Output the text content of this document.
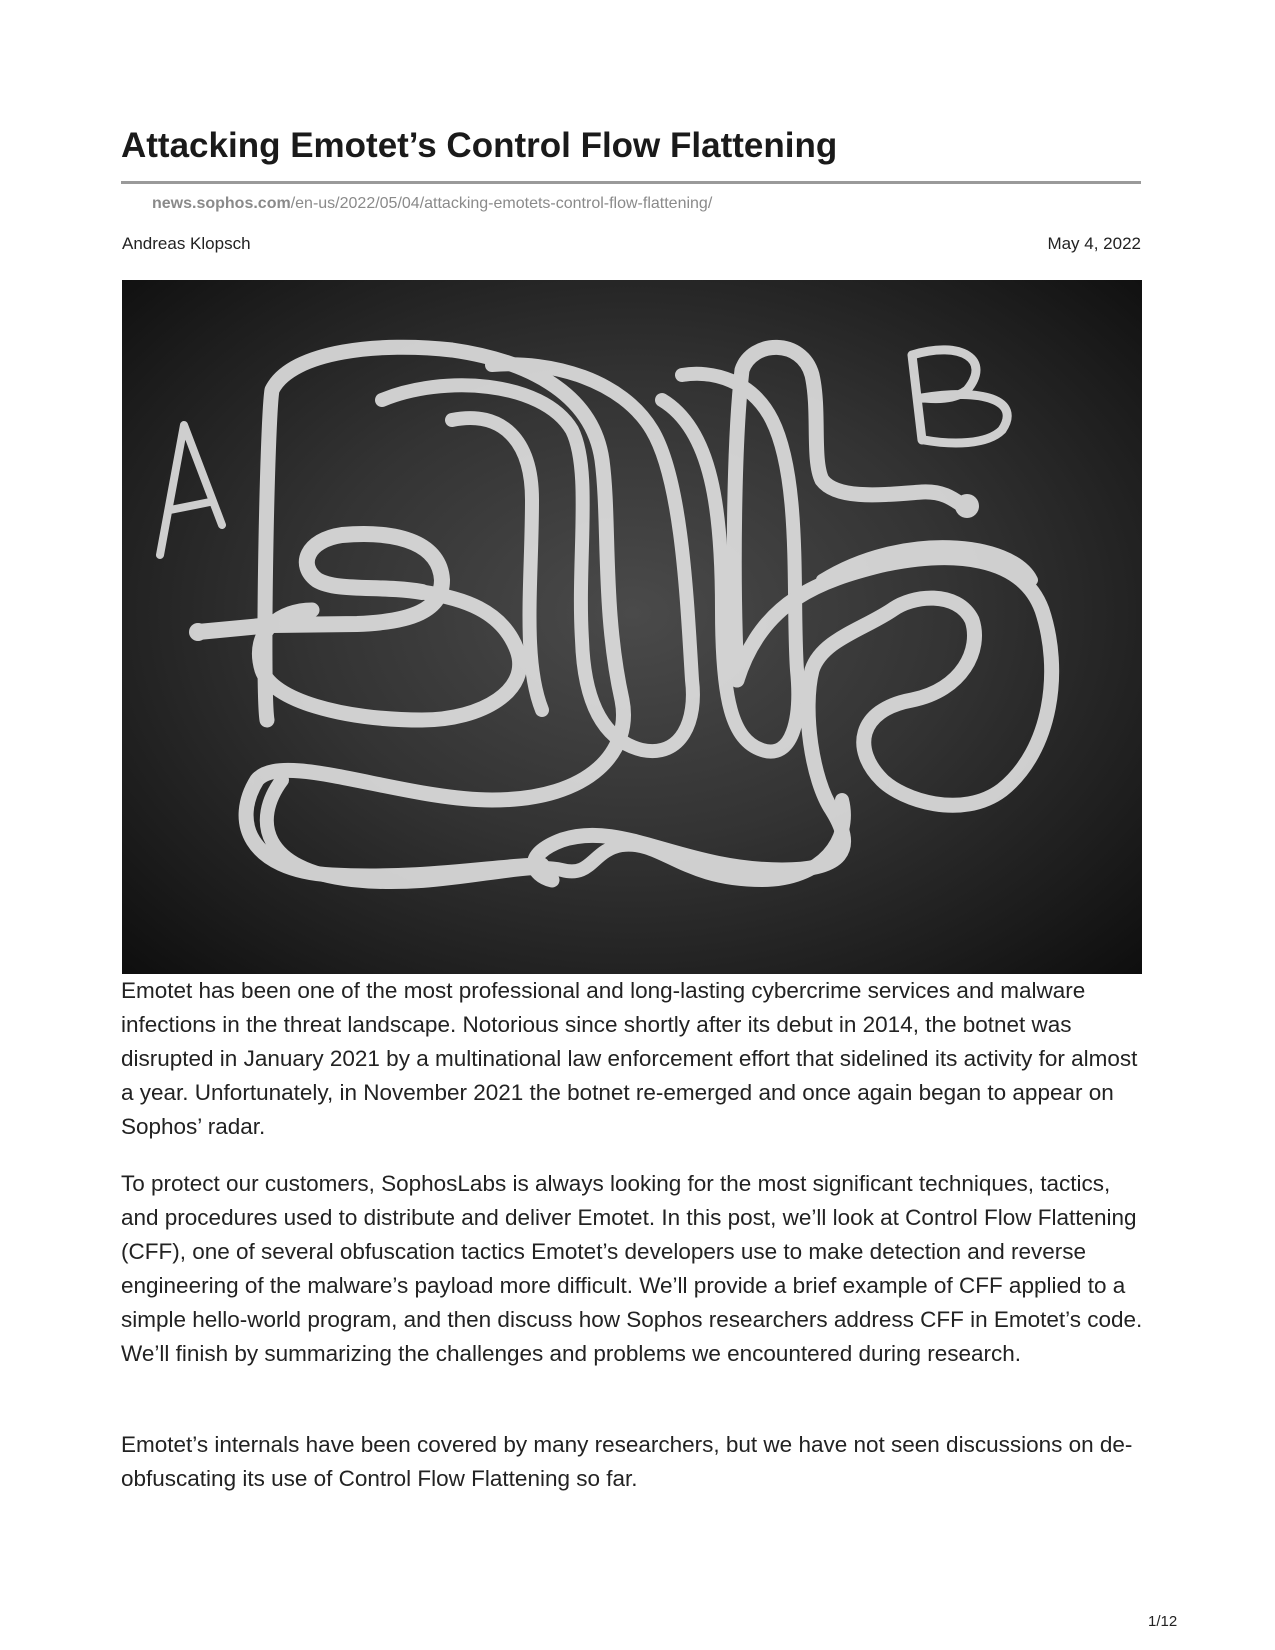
Attacking Emotet’s Control Flow Flattening
news.sophos.com/en-us/2022/05/04/attacking-emotets-control-flow-flattening/
Andreas Klopsch	May 4, 2022
A
B

Emotet has been one of the most professional and long-lasting cybercrime services and malware infections in the threat landscape. Notorious since shortly after its debut in 2014, the botnet was disrupted in January 2021 by a multinational law enforcement effort that sidelined its activity for almost a year. Unfortunately, in November 2021 the botnet re-emerged and once again began to appear on Sophos’ radar.

To protect our customers, SophosLabs is always looking for the most significant techniques, tactics, and procedures used to distribute and deliver Emotet. In this post, we’ll look at Control Flow Flattening (CFF), one of several obfuscation tactics Emotet’s developers use to make detection and reverse engineering of the malware’s payload more difficult. We’ll provide a brief example of CFF applied to a simple hello-world program, and then discuss how Sophos researchers address CFF in Emotet’s code. We’ll finish by summarizing the challenges and problems we encountered during research.

Emotet’s internals have been covered by many researchers, but we have not seen discussions on de-obfuscating its use of Control Flow Flattening so far.

1/12
